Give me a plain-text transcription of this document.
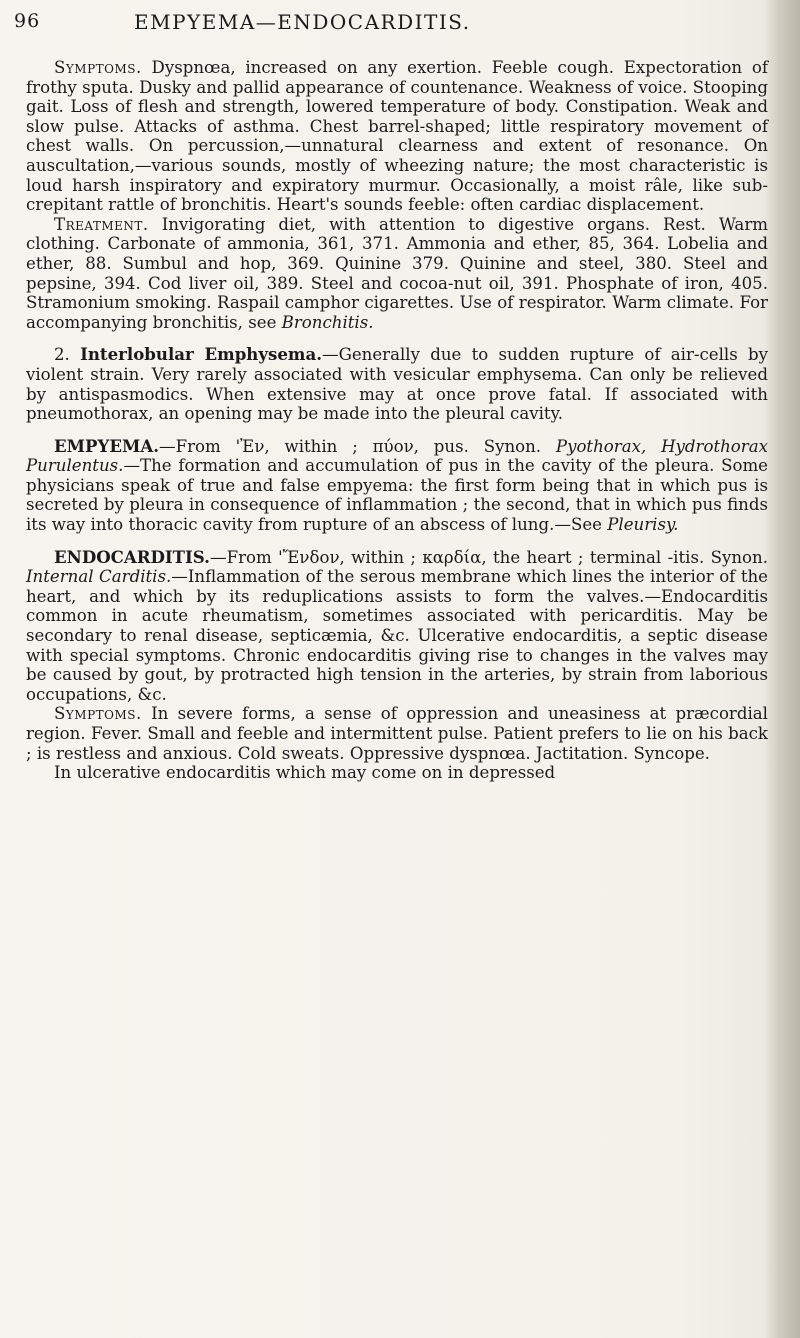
96	EMPYEMA—ENDOCARDITIS.

Symptoms. Dyspnœa, increased on any exertion. Feeble cough. Expectoration of frothy sputa. Dusky and pallid appearance of countenance. Weakness of voice. Stooping gait. Loss of flesh and strength, lowered temperature of body. Constipation. Weak and slow pulse. Attacks of asthma. Chest barrel-shaped; little respiratory movement of chest walls. On percussion,—unnatural clearness and extent of resonance. On auscultation,—various sounds, mostly of wheezing nature; the most characteristic is loud harsh inspiratory and expiratory murmur. Occasionally, a moist râle, like sub-crepitant rattle of bronchitis. Heart's sounds feeble: often cardiac displacement.

Treatment. Invigorating diet, with attention to digestive organs. Rest. Warm clothing. Carbonate of ammonia, 361, 371. Ammonia and ether, 85, 364. Lobelia and ether, 88. Sumbul and hop, 369. Quinine 379. Quinine and steel, 380. Steel and pepsine, 394. Cod liver oil, 389. Steel and cocoa-nut oil, 391. Phosphate of iron, 405. Stramonium smoking. Raspail camphor cigarettes. Use of respirator. Warm climate. For accompanying bronchitis, see Bronchitis.

2. Interlobular Emphysema.—Generally due to sudden rupture of air-cells by violent strain. Very rarely associated with vesicular emphysema. Can only be relieved by antispasmodics. When extensive may at once prove fatal. If associated with pneumothorax, an opening may be made into the pleural cavity.

EMPYEMA.—From 'Ἐν, within ; πύον, pus. Synon. Pyothorax, Hydrothorax Purulentus.—The formation and accumulation of pus in the cavity of the pleura. Some physicians speak of true and false empyema: the first form being that in which pus is secreted by pleura in consequence of inflammation ; the second, that in which pus finds its way into thoracic cavity from rupture of an abscess of lung.—See Pleurisy.

ENDOCARDITIS.—From 'Ἔνδον, within ; καρδία, the heart ; terminal -itis. Synon. Internal Carditis.—Inflammation of the serous membrane which lines the interior of the heart, and which by its reduplications assists to form the valves.—Endocarditis common in acute rheumatism, sometimes associated with pericarditis. May be secondary to renal disease, septicæmia, &c. Ulcerative endocarditis, a septic disease with special symptoms. Chronic endocarditis giving rise to changes in the valves may be caused by gout, by protracted high tension in the arteries, by strain from laborious occupations, &c.

Symptoms. In severe forms, a sense of oppression and uneasiness at præcordial region. Fever. Small and feeble and intermittent pulse. Patient prefers to lie on his back ; is restless and anxious. Cold sweats. Oppressive dyspnœa. Jactitation. Syncope.

In ulcerative endocarditis which may come on in depressed
